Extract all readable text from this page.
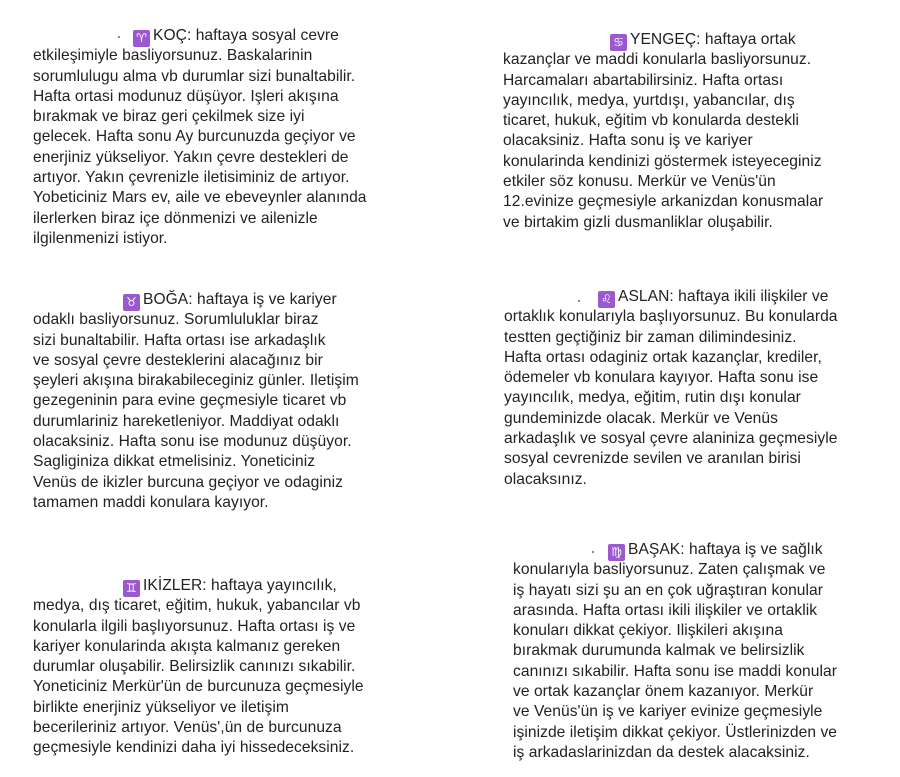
♈ KOÇ: haftaya sosyal cevre
etkileşimiyle basliyorsunuz. Baskalarinin
sorumlulugu alma vb durumlar sizi bunaltabilir.
Hafta ortasi modunuz düşüyor. Işleri akışına
bırakmak ve biraz geri çekilmek size iyi
gelecek. Hafta sonu Ay burcunuzda geçiyor ve
enerjiniz yükseliyor. Yakın çevre destekleri de
artıyor. Yakın çevrenizle iletisiminiz de artıyor.
Yobeticiniz Mars ev, aile ve ebeveynler alanında
ilerlerken biraz içe dönmenizi ve ailenizle
ilgilenmenizi istiyor.
♉ BOĞA: haftaya iş ve kariyer
odaklı basliyorsunuz. Sorumluluklar biraz
sizi bunaltabilir. Hafta ortası ise arkadaşlık
ve sosyal çevre desteklerini alacağınız bir
şeyleri akışına birakabileceginiz günler. Iletişim
gezegeninin para evine geçmesiyle ticaret vb
durumlariniz hareketleniyor. Maddiyat odaklı
olacaksiniz. Hafta sonu ise modunuz düşüyor.
Sagliginiza dikkat etmelisiniz. Yoneticiniz
Venüs de ikizler burcuna geçiyor ve odaginiz
tamamen maddi konulara kayıyor.
♊ IKİZLER: haftaya yayıncılık,
medya, dış ticaret, eğitim, hukuk, yabancılar vb
konularla ilgili başlıyorsunuz. Hafta ortası iş ve
kariyer konularinda akışta kalmanız gereken
durumlar oluşabilir. Belirsizlik canınızı sıkabilir.
Yoneticiniz Merkür'ün de burcunuza geçmesiyle
birlikte enerjiniz yükseliyor ve iletişim
becerileriniz artıyor. Venüs',ün de burcunuza
geçmesiyle kendinizi daha iyi hissedeceksiniz.
♋ YENGEÇ: haftaya ortak
kazançlar ve maddi konularla basliyorsunuz.
Harcamaları abartabilirsiniz. Hafta ortası
yayıncılık, medya, yurtdışı, yabancılar, dış
ticaret, hukuk, eğitim vb konularda destekli
olacaksiniz. Hafta sonu iş ve kariyer
konularinda kendinizi göstermek isteyeceginiz
etkiler söz konusu. Merkür ve Venüs'ün
12.evinize geçmesiyle arkanizdan konusmalar
ve birtakim gizli dusmanliklar oluşabilir.
♌ ASLAN: haftaya ikili ilişkiler ve
ortaklık konularıyla başlıyorsunuz. Bu konularda
testten geçtiğiniz bir zaman dilimindesiniz.
Hafta ortası odaginiz ortak kazançlar, krediler,
ödemeler vb konulara kayıyor. Hafta sonu ise
yayıncılık, medya, eğitim, rutin dışı konular
gundeminizde olacak. Merkür ve Venüs
arkadaşlık ve sosyal çevre alaniniza geçmesiyle
sosyal cevrenizde sevilen ve aranılan birisi
olacaksınız.
♍ BAŞAK: haftaya iş ve sağlık
konularıyla basliyorsunuz. Zaten çalışmak ve
iş hayatı sizi şu an en çok uğraştıran konular
arasında. Hafta ortası ikili ilişkiler ve ortaklik
konuları dikkat çekiyor. Ilişkileri akışına
bırakmak durumunda kalmak ve belirsizlik
canınızı sıkabilir. Hafta sonu ise maddi konular
ve ortak kazançlar önem kazanıyor. Merkür
ve Venüs'ün iş ve kariyer evinize geçmesiyle
işinizde iletişim dikkat çekiyor. Üstlerinizden ve
iş arkadaslarinizdan da destek alacaksiniz.
